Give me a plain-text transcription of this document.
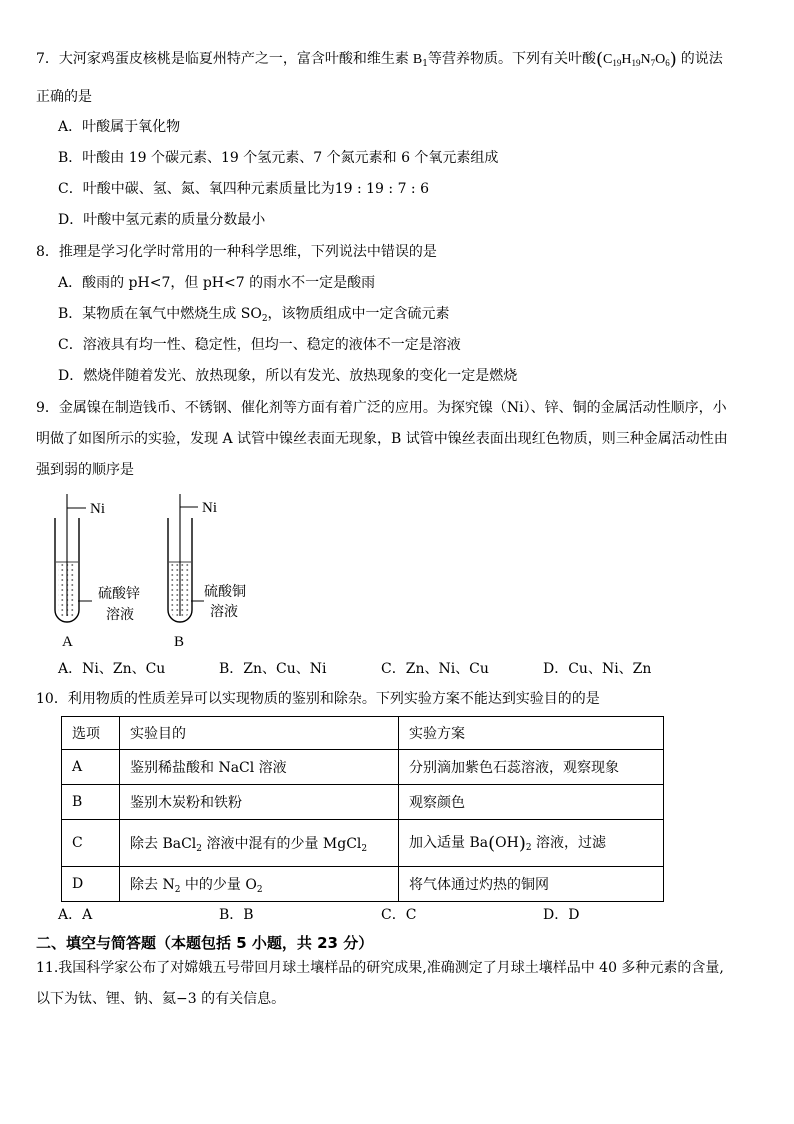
7．大河家鸡蛋皮核桃是临夏州特产之一，富含叶酸和维生素 $B_1$等营养物质。下列有关叶酸$(C_{19}H_{19}N_7O_6)$ 的说法
正确的是
A．叶酸属于氧化物
B．叶酸由 19 个碳元素、19 个氢元素、7 个氮元素和 6 个氧元素组成
C．叶酸中碳、氢、氮、氧四种元素质量比为19 : 19 : 7 : 6
D．叶酸中氢元素的质量分数最小
8．推理是学习化学时常用的一种科学思维，下列说法中错误的是
A．酸雨的 pH<7，但 pH<7 的雨水不一定是酸雨
B．某物质在氧气中燃烧生成 $SO_2$，该物质组成中一定含硫元素
C．溶液具有均一性、稳定性，但均一、稳定的液体不一定是溶液
D．燃烧伴随着发光、放热现象，所以有发光、放热现象的变化一定是燃烧
9．金属镍在制造钱币、不锈钢、催化剂等方面有着广泛的应用。为探究镍（Ni）、锌、铜的金属活动性顺序，小
明做了如图所示的实验，发现 A 试管中镍丝表面无现象，B 试管中镍丝表面出现红色物质，则三种金属活动性由
强到弱的顺序是
Ni
硫酸锌
溶液
A
Ni
硫酸铜
溶液
B
A．Ni、Zn、Cu	B．Zn、Cu、Ni	C．Zn、Ni、Cu	D．Cu、Ni、Zn
10．利用物质的性质差异可以实现物质的鉴别和除杂。下列实验方案不能达到实验目的的是
选项	实验目的	实验方案
A	鉴别稀盐酸和 NaCl 溶液	分别滴加紫色石蕊溶液，观察现象
B	鉴别木炭粉和铁粉	观察颜色
C	除去 BaCl$_2$ 溶液中混有的少量 MgCl$_2$	加入适量 $Ba(OH)_2$ 溶液，过滤
D	除去 $N_2$ 中的少量 $O_2$	将气体通过灼热的铜网
A．A	B．B	C．C	D．D
二、填空与简答题（本题包括 5 小题，共 23 分）
11.我国科学家公布了对嫦娥五号带回月球土壤样品的研究成果,准确测定了月球土壤样品中 40 多种元素的含量,
以下为钛、锂、钠、氦−3 的有关信息。
